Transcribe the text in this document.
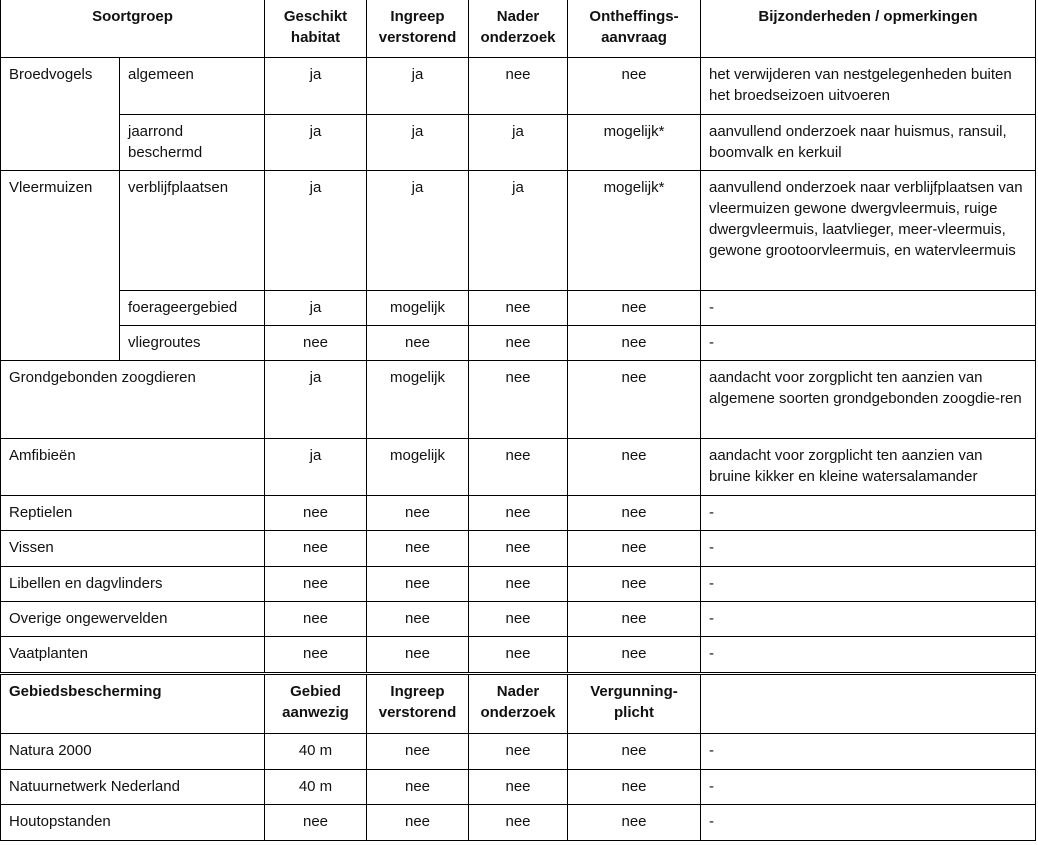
Soortgroep		Geschikt habitat	Ingreep verstorend	Nader onderzoek	Ontheffings-aanvraag	Bijzonderheden / opmerkingen
Broedvogels	algemeen	ja	ja	nee	nee	het verwijderen van nestgelegenheden buiten het broedseizoen uitvoeren
	jaarrond beschermd	ja	ja	ja	mogelijk*	aanvullend onderzoek naar huismus, ransuil, boomvalk en kerkuil
Vleermuizen	verblijfplaatsen	ja	ja	ja	mogelijk*	aanvullend onderzoek naar verblijfplaatsen van vleermuizen gewone dwergvleermuis, ruige dwergvleermuis, laatvlieger, meer-vleermuis, gewone grootoorvleermuis, en watervleermuis
	foerageergebied	ja	mogelijk	nee	nee	-
	vliegroutes	nee	nee	nee	nee	-
Grondgebonden zoogdieren		ja	mogelijk	nee	nee	aandacht voor zorgplicht ten aanzien van algemene soorten grondgebonden zoogdie-ren
Amfibieën		ja	mogelijk	nee	nee	aandacht voor zorgplicht ten aanzien van bruine kikker en kleine watersalamander
Reptielen		nee	nee	nee	nee	-
Vissen		nee	nee	nee	nee	-
Libellen en dagvlinders		nee	nee	nee	nee	-
Overige ongewervelden		nee	nee	nee	nee	-
Vaatplanten		nee	nee	nee	nee	-
Gebiedsbescherming	Gebied aanwezig	Ingreep verstorend	Nader onderzoek	Vergunning-plicht	
Natura 2000	40 m	nee	nee	nee	-
Natuurnetwerk Nederland	40 m	nee	nee	nee	-
Houtopstanden	nee	nee	nee	nee	-
